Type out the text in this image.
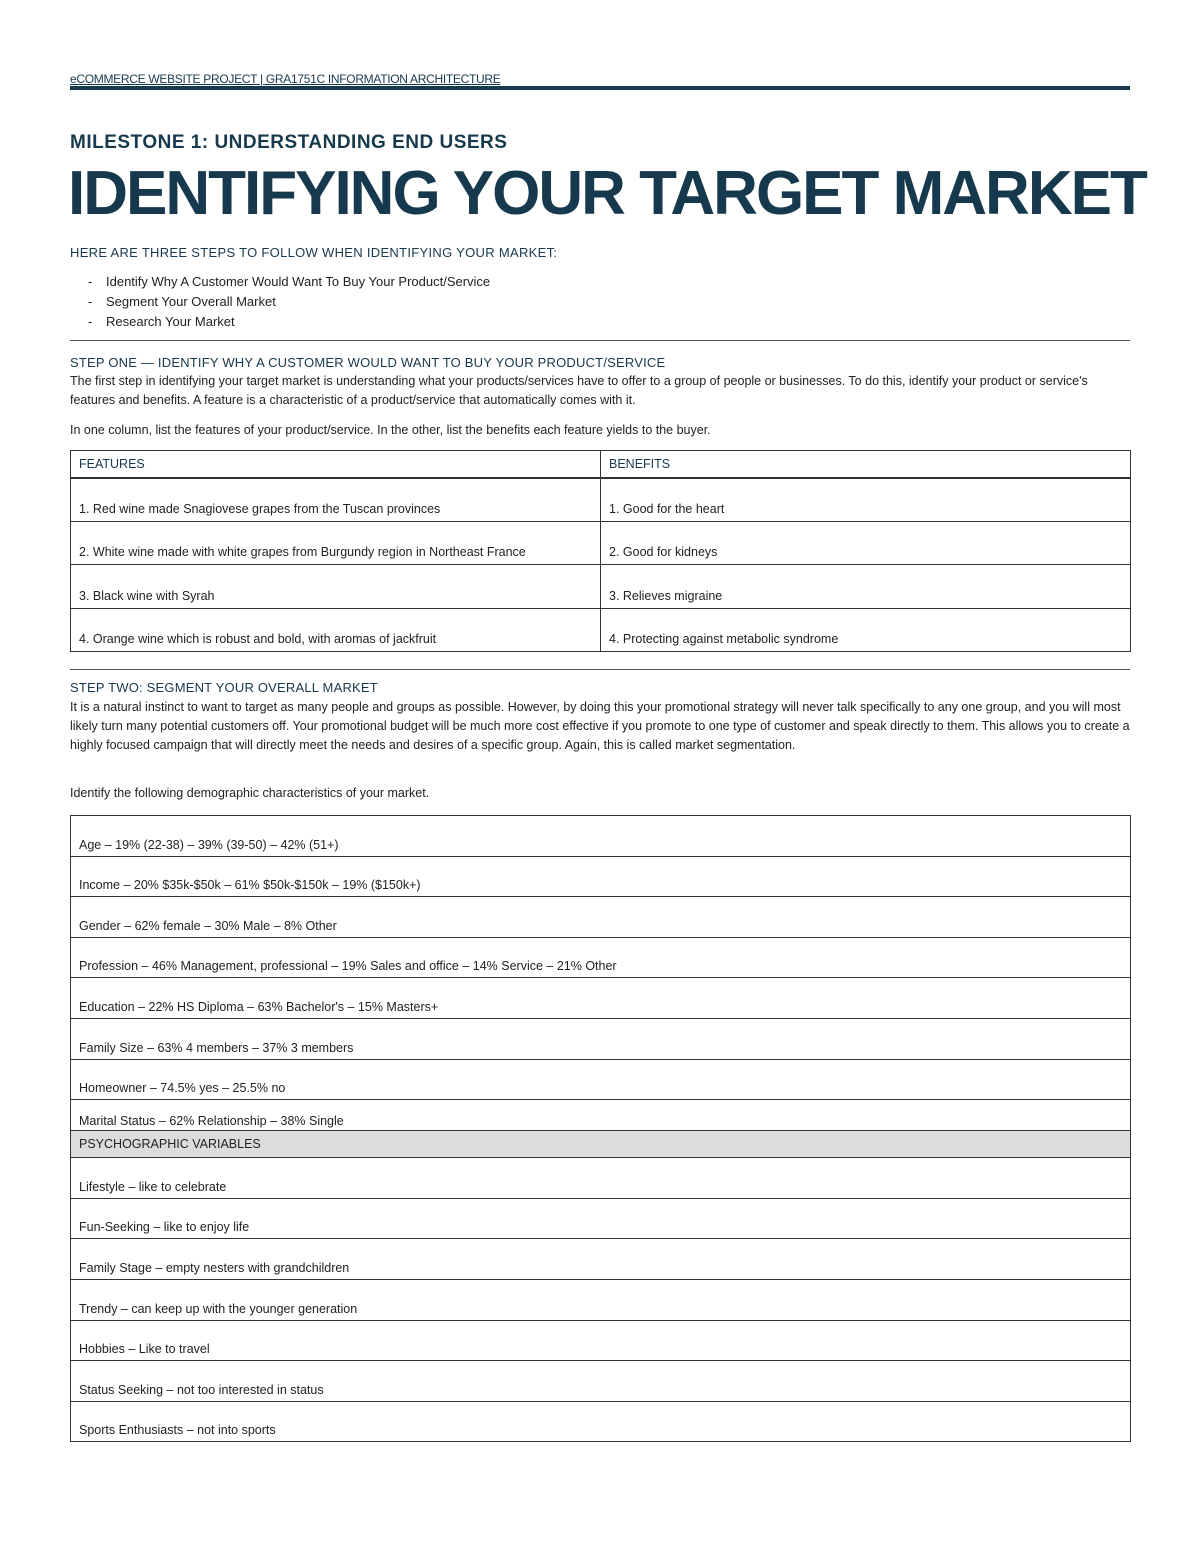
eCOMMERCE WEBSITE PROJECT | GRA1751C INFORMATION ARCHITECTURE
MILESTONE 1: UNDERSTANDING END USERS
IDENTIFYING YOUR TARGET MARKET
HERE ARE THREE STEPS TO FOLLOW WHEN IDENTIFYING YOUR MARKET:
- Identify Why A Customer Would Want To Buy Your Product/Service
- Segment Your Overall Market
- Research Your Market
STEP ONE — IDENTIFY WHY A CUSTOMER WOULD WANT TO BUY YOUR PRODUCT/SERVICE
The first step in identifying your target market is understanding what your products/services have to offer to a group of people or businesses. To do this, identify your product or service's features and benefits. A feature is a characteristic of a product/service that automatically comes with it.
In one column, list the features of your product/service. In the other, list the benefits each feature yields to the buyer.
FEATURES	BENEFITS
1. Red wine made Snagiovese grapes from the Tuscan provinces	1. Good for the heart
2. White wine made with white grapes from Burgundy region in Northeast France	2. Good for kidneys
3. Black wine with Syrah	3. Relieves migraine
4. Orange wine which is robust and bold, with aromas of jackfruit	4. Protecting against metabolic syndrome
STEP TWO: SEGMENT YOUR OVERALL MARKET
It is a natural instinct to want to target as many people and groups as possible. However, by doing this your promotional strategy will never talk specifically to any one group, and you will most likely turn many potential customers off. Your promotional budget will be much more cost effective if you promote to one type of customer and speak directly to them. This allows you to create a highly focused campaign that will directly meet the needs and desires of a specific group. Again, this is called market segmentation.
Identify the following demographic characteristics of your market.
Age – 19% (22-38) – 39% (39-50) – 42% (51+)
Income – 20% $35k-$50k – 61% $50k-$150k – 19% ($150k+)
Gender – 62% female – 30% Male – 8% Other
Profession – 46% Management, professional – 19% Sales and office – 14% Service – 21% Other
Education – 22% HS Diploma – 63% Bachelor's – 15% Masters+
Family Size – 63% 4 members – 37% 3 members
Homeowner – 74.5% yes – 25.5% no
Marital Status – 62% Relationship – 38% Single
PSYCHOGRAPHIC VARIABLES
Lifestyle – like to celebrate
Fun-Seeking – like to enjoy life
Family Stage – empty nesters with grandchildren
Trendy – can keep up with the younger generation
Hobbies – Like to travel
Status Seeking – not too interested in status
Sports Enthusiasts – not into sports
